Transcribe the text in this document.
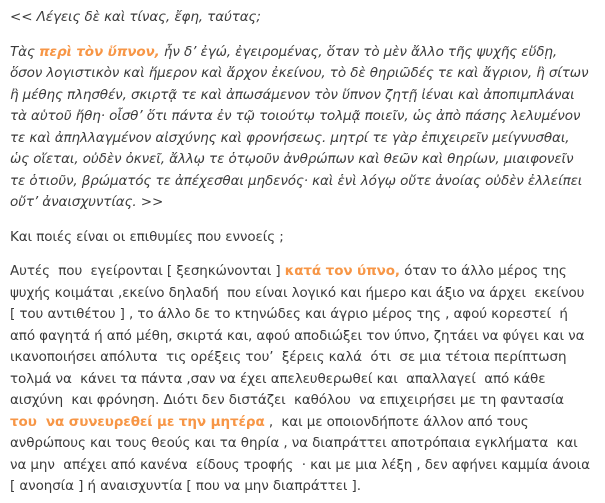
<< Λέγεις δὲ καὶ τίνας, ἔφη, ταύτας;
Τὰς περὶ τὸν ὕπνον, ἦν δ’ ἐγώ, ἐγειρομένας, ὅταν τὸ μὲν ἄλλο τῆς ψυχῆς εὕδῃ, ὅσον λογιστικὸν καὶ ἥμερον καὶ ἄρχον ἐκείνου, τὸ δὲ θηριῶδές τε καὶ ἄγριον, ἢ σίτων ἢ μέθης πλησθέν, σκιρτᾷ τε καὶ ἀπωσάμενον τὸν ὕπνον ζητῇ ἰέναι καὶ ἀποπιμπλάναι τὰ αὑτοῦ ἤθη· οἶσθ’ ὅτι πάντα ἐν τῷ τοιούτῳ τολμᾷ ποιεῖν, ὡς ἀπὸ πάσης λελυμένον τε καὶ ἀπηλλαγμένον αἰσχύνης καὶ φρονήσεως. μητρί τε γὰρ ἐπιχειρεῖν μείγνυσθαι, ὡς οἴεται, οὐδὲν ὀκνεῖ, ἄλλῳ τε ὁτῳοῦν ἀνθρώπων καὶ θεῶν καὶ θηρίων, μιαιφονεῖν τε ὁτιοῦν, βρώματός τε ἀπέχεσθαι μηδενός· καὶ ἑνὶ λόγῳ οὔτε ἀνοίας οὐδὲν ἐλλείπει οὔτ’ ἀναισχυντίας. >>
Και ποιές είναι οι επιθυμίες που εννοείς ;
Αυτές  που  εγείρονται [ ξεσηκώνονται ] κατά τον ύπνο, όταν το άλλο μέρος της ψυχής κοιμάται ,εκείνο δηλαδή  που είναι λογικό και ήμερο και άξιο να άρχει  εκείνου [ του αντιθέτου ] , το άλλο δε το κτηνώδες και άγριο μέρος της , αφού κορεστεί  ή από φαγητά ή από μέθη, σκιρτά και, αφού αποδιώξει τον ύπνο, ζητάει να φύγει και να ικανοποιήσει απόλυτα  τις ορέξεις του’  ξέρεις καλά  ότι  σε μια τέτοια περίπτωση τολμά να  κάνει τα πάντα ,σαν να έχει απελευθερωθεί και  απαλλαγεί  από κάθε αισχύνη  και φρόνηση. Διότι δεν διστάζει  καθόλου  να επιχειρήσει με τη φαντασία του  να συνευρεθεί με την μητέρα ,  και με οποιονδήποτε άλλον από τους  ανθρώπους και τους θεούς και τα θηρία , να διαπράττει αποτρόπαια εγκλήματα  και να μην  απέχει από κανένα  είδους τροφής  · και με μια λέξη , δεν αφήνει καμμία άνοια [ ανοησία ] ή αναισχυντία [ που να μην διαπράττει ].
